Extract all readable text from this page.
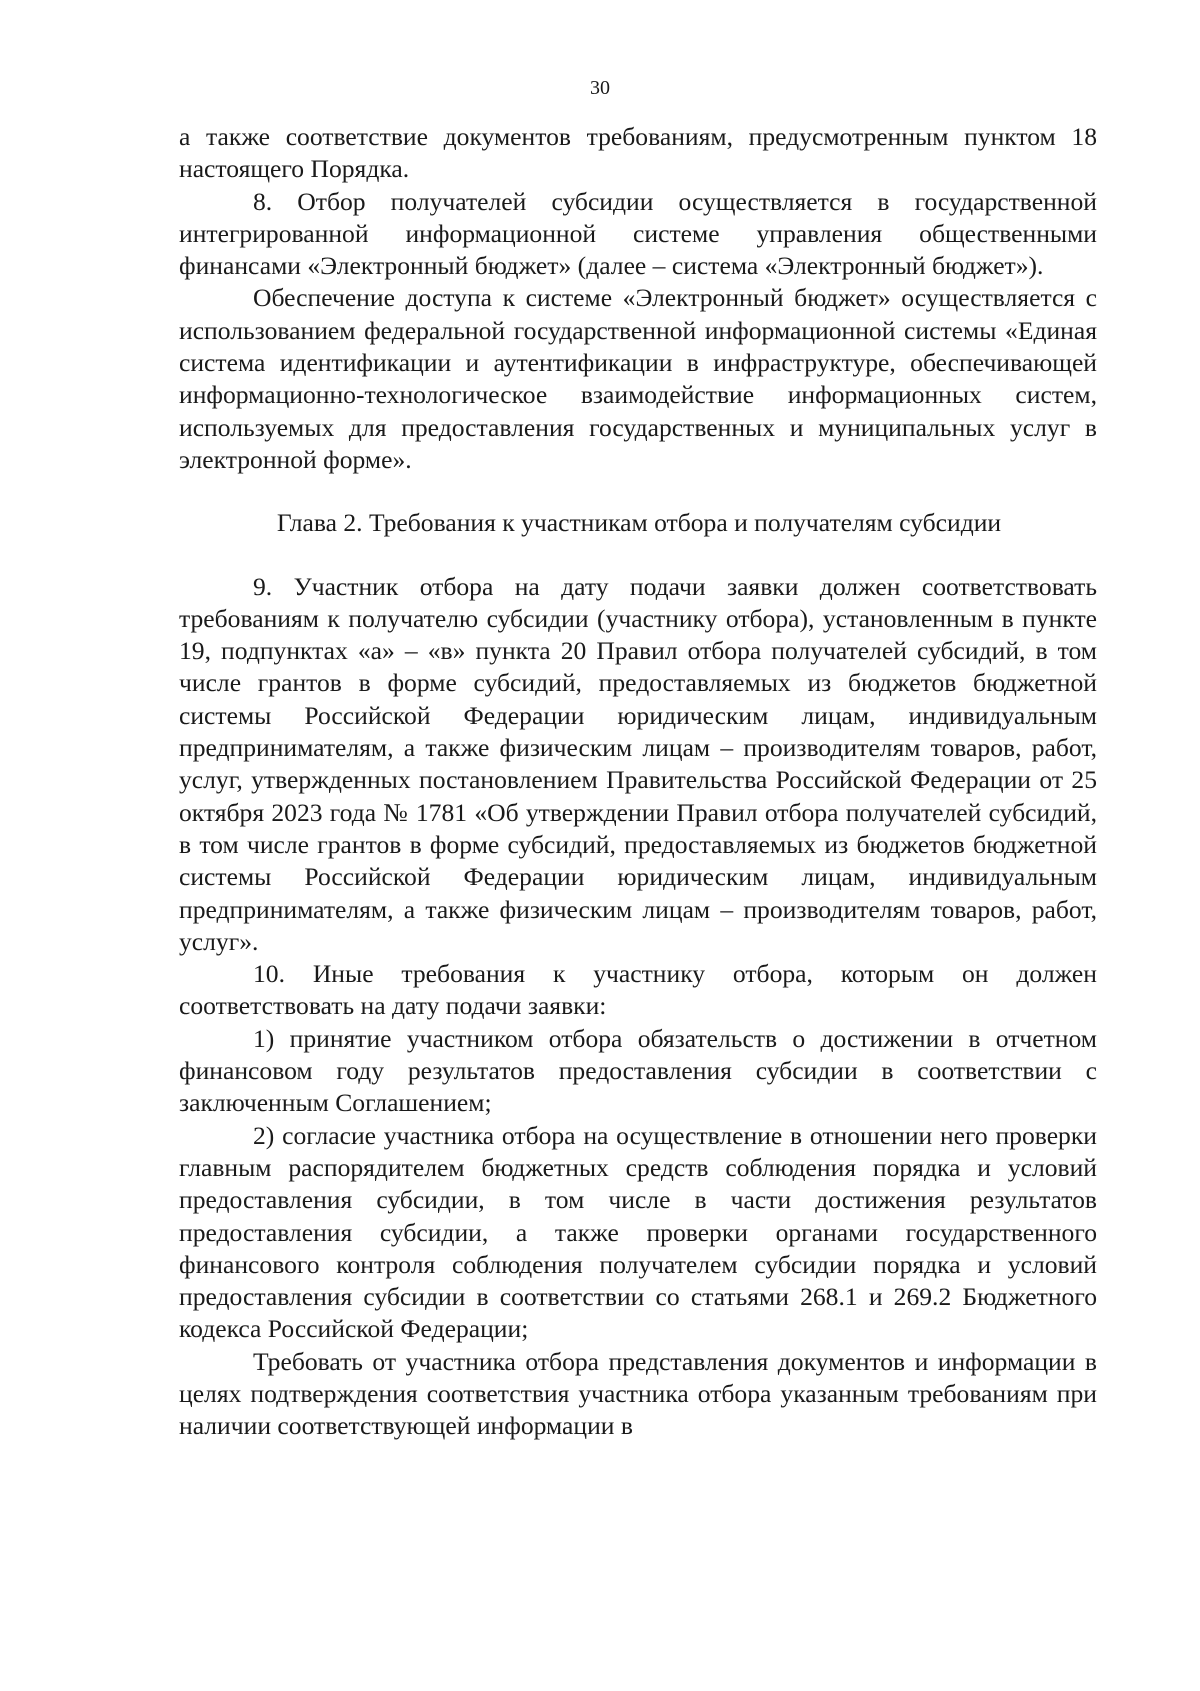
30

а также соответствие документов требованиям, предусмотренным пунктом 18 настоящего Порядка.

8. Отбор получателей субсидии осуществляется в государственной интегрированной информационной системе управления общественными финансами «Электронный бюджет» (далее – система «Электронный бюджет»).

Обеспечение доступа к системе «Электронный бюджет» осуществляется с использованием федеральной государственной информационной системы «Единая система идентификации и аутентификации в инфраструктуре, обеспечивающей информационно-технологическое взаимодействие информационных систем, используемых для предоставления государственных и муниципальных услуг в электронной форме».

Глава 2. Требования к участникам отбора и получателям субсидии

9. Участник отбора на дату подачи заявки должен соответствовать требованиям к получателю субсидии (участнику отбора), установленным в пункте 19, подпунктах «а» – «в» пункта 20 Правил отбора получателей субсидий, в том числе грантов в форме субсидий, предоставляемых из бюджетов бюджетной системы Российской Федерации юридическим лицам, индивидуальным предпринимателям, а также физическим лицам – производителям товаров, работ, услуг, утвержденных постановлением Правительства Российской Федерации от 25 октября 2023 года № 1781 «Об утверждении Правил отбора получателей субсидий, в том числе грантов в форме субсидий, предоставляемых из бюджетов бюджетной системы Российской Федерации юридическим лицам, индивидуальным предпринимателям, а также физическим лицам – производителям товаров, работ, услуг».

10. Иные требования к участнику отбора, которым он должен соответствовать на дату подачи заявки:

1) принятие участником отбора обязательств о достижении в отчетном финансовом году результатов предоставления субсидии в соответствии с заключенным Соглашением;

2) согласие участника отбора на осуществление в отношении него проверки главным распорядителем бюджетных средств соблюдения порядка и условий предоставления субсидии, в том числе в части достижения результатов предоставления субсидии, а также проверки органами государственного финансового контроля соблюдения получателем субсидии порядка и условий предоставления субсидии в соответствии со статьями 268.1 и 269.2 Бюджетного кодекса Российской Федерации;

Требовать от участника отбора представления документов и информации в целях подтверждения соответствия участника отбора указанным требованиям при наличии соответствующей информации в
